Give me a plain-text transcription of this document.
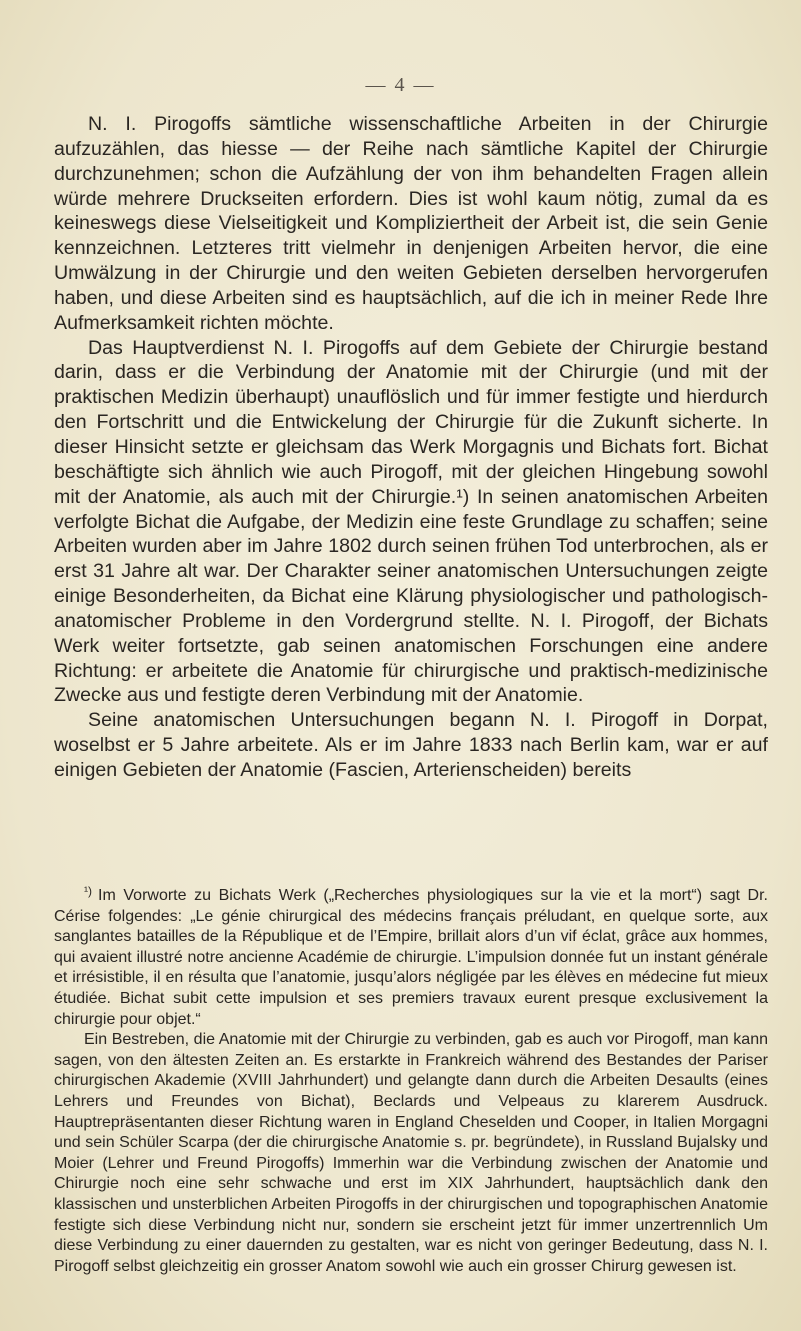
— 4 —

N. I. Pirogoffs sämtliche wissenschaftliche Arbeiten in der Chirurgie aufzuzählen, das hiesse — der Reihe nach sämtliche Kapitel der Chirurgie durchzunehmen; schon die Aufzählung der von ihm behandelten Fragen allein würde mehrere Druckseiten erfordern. Dies ist wohl kaum nötig, zumal da es keineswegs diese Vielseitigkeit und Kompliziertheit der Arbeit ist, die sein Genie kennzeichnen. Letzteres tritt vielmehr in denjenigen Arbeiten hervor, die eine Umwälzung in der Chirurgie und den weiten Gebieten derselben hervorgerufen haben, und diese Arbeiten sind es hauptsächlich, auf die ich in meiner Rede Ihre Aufmerksamkeit richten möchte.

Das Hauptverdienst N. I. Pirogoffs auf dem Gebiete der Chirurgie bestand darin, dass er die Verbindung der Anatomie mit der Chirurgie (und mit der praktischen Medizin überhaupt) unauflöslich und für immer festigte und hierdurch den Fortschritt und die Entwickelung der Chirurgie für die Zukunft sicherte. In dieser Hinsicht setzte er gleichsam das Werk Morgagnis und Bichats fort. Bichat beschäftigte sich ähnlich wie auch Pirogoff, mit der gleichen Hingebung sowohl mit der Anatomie, als auch mit der Chirurgie.¹) In seinen anatomischen Arbeiten verfolgte Bichat die Aufgabe, der Medizin eine feste Grundlage zu schaffen; seine Arbeiten wurden aber im Jahre 1802 durch seinen frühen Tod unterbrochen, als er erst 31 Jahre alt war. Der Charakter seiner anatomischen Untersuchungen zeigte einige Besonderheiten, da Bichat eine Klärung physiologischer und pathologisch-anatomischer Probleme in den Vordergrund stellte. N. I. Pirogoff, der Bichats Werk weiter fortsetzte, gab seinen anatomischen Forschungen eine andere Richtung: er arbeitete die Anatomie für chirurgische und praktisch-medizinische Zwecke aus und festigte deren Verbindung mit der Anatomie.

Seine anatomischen Untersuchungen begann N. I. Pirogoff in Dorpat, woselbst er 5 Jahre arbeitete. Als er im Jahre 1833 nach Berlin kam, war er auf einigen Gebieten der Anatomie (Fascien, Arterienscheiden) bereits

$^{^1)}$ Im Vorworte zu Bichats Werk („Recherches physiologiques sur la vie et la mort“) sagt Dr. Cérise folgendes: „Le génie chirurgical des médecins français préludant, en quelque sorte, aux sanglantes batailles de la République et de l’Empire, brillait alors d’un vif éclat, grâce aux hommes, qui avaient illustré notre ancienne Académie de chirurgie. L’impulsion donnée fut un instant générale et irrésistible, il en résulta que l’anatomie, jusqu’alors négligée par les élèves en médecine fut mieux étudiée. Bichat subit cette impulsion et ses premiers travaux eurent presque exclusivement la chirurgie pour objet.“

Ein Bestreben, die Anatomie mit der Chirurgie zu verbinden, gab es auch vor Pirogoff, man kann sagen, von den ältesten Zeiten an. Es erstarkte in Frankreich während des Bestandes der Pariser chirurgischen Akademie (XVIII Jahrhundert) und gelangte dann durch die Arbeiten Desaults (eines Lehrers und Freundes von Bichat), Beclards und Velpeaus zu klarerem Ausdruck. Hauptrepräsentanten dieser Richtung waren in England Cheselden und Cooper, in Italien Morgagni und sein Schüler Scarpa (der die chirurgische Anatomie s. pr. begründete), in Russland Bujalsky und Moier (Lehrer und Freund Pirogoffs) Immerhin war die Verbindung zwischen der Anatomie und Chirurgie noch eine sehr schwache und erst im XIX Jahrhundert, hauptsächlich dank den klassischen und unsterblichen Arbeiten Pirogoffs in der chirurgischen und topographischen Anatomie festigte sich diese Verbindung nicht nur, sondern sie erscheint jetzt für immer unzertrennlich Um diese Verbindung zu einer dauernden zu gestalten, war es nicht von geringer Bedeutung, dass N. I. Pirogoff selbst gleichzeitig ein grosser Anatom sowohl wie auch ein grosser Chirurg gewesen ist.
